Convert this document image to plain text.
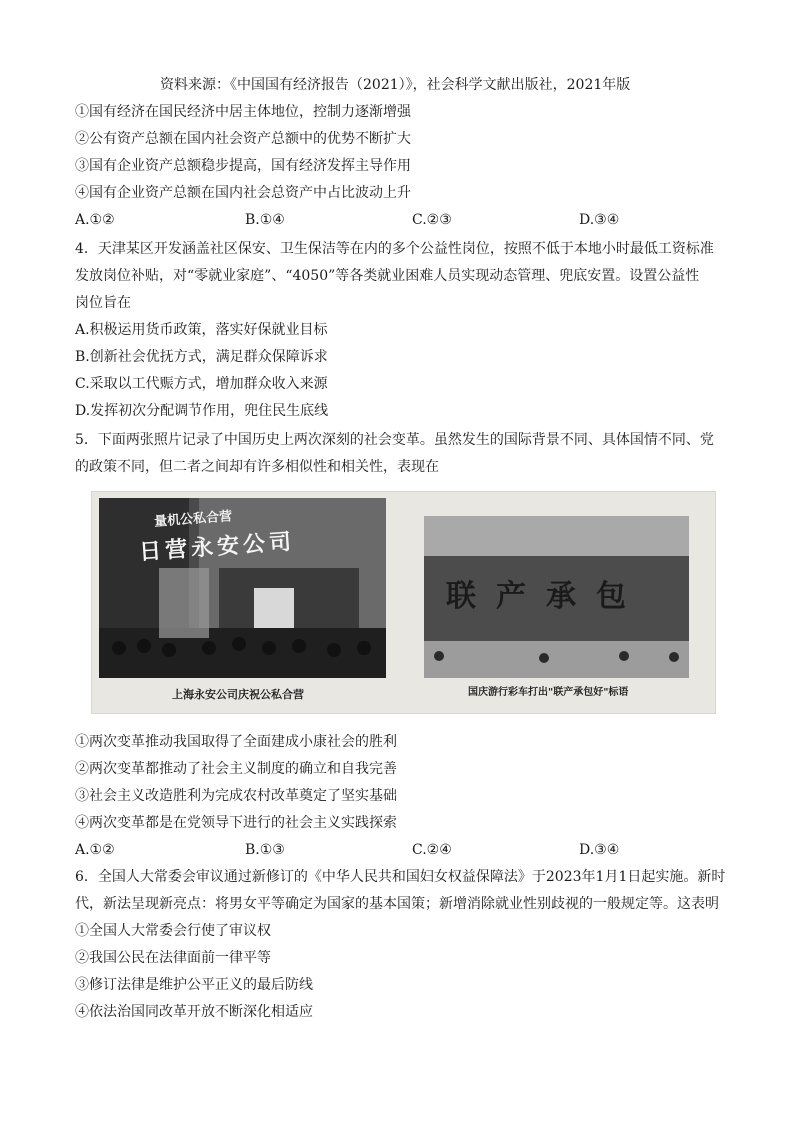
资料来源：《中国国有经济报告（2021）》，社会科学文献出版社，2021年版
①国有经济在国民经济中居主体地位，控制力逐渐增强
②公有资产总额在国内社会资产总额中的优势不断扩大
③国有企业资产总额稳步提高，国有经济发挥主导作用
④国有企业资产总额在国内社会总资产中占比波动上升
A.①②	B.①④	C.②③	D.③④
4．天津某区开发涵盖社区保安、卫生保洁等在内的多个公益性岗位，按照不低于本地小时最低工资标准
发放岗位补贴，对“零就业家庭”、“4050”等各类就业困难人员实现动态管理、兜底安置。设置公益性
岗位旨在
A.积极运用货币政策，落实好保就业目标
B.创新社会优抚方式，满足群众保障诉求
C.采取以工代赈方式，增加群众收入来源
D.发挥初次分配调节作用，兜住民生底线
5．下面两张照片记录了中国历史上两次深刻的社会变革。虽然发生的国际背景不同、具体国情不同、党
的政策不同，但二者之间却有许多相似性和相关性，表现在
量机公私合营
日营永安公司
联产承包
上海永安公司庆祝公私合营	国庆游行彩车打出"联产承包好"标语
①两次变革推动我国取得了全面建成小康社会的胜利
②两次变革都推动了社会主义制度的确立和自我完善
③社会主义改造胜利为完成农村改革奠定了坚实基础
④两次变革都是在党领导下进行的社会主义实践探索
A.①②	B.①③	C.②④	D.③④
6．全国人大常委会审议通过新修订的《中华人民共和国妇女权益保障法》于2023年1月1日起实施。新时
代，新法呈现新亮点：将男女平等确定为国家的基本国策；新增消除就业性别歧视的一般规定等。这表明
①全国人大常委会行使了审议权
②我国公民在法律面前一律平等
③修订法律是维护公平正义的最后防线
④依法治国同改革开放不断深化相适应
